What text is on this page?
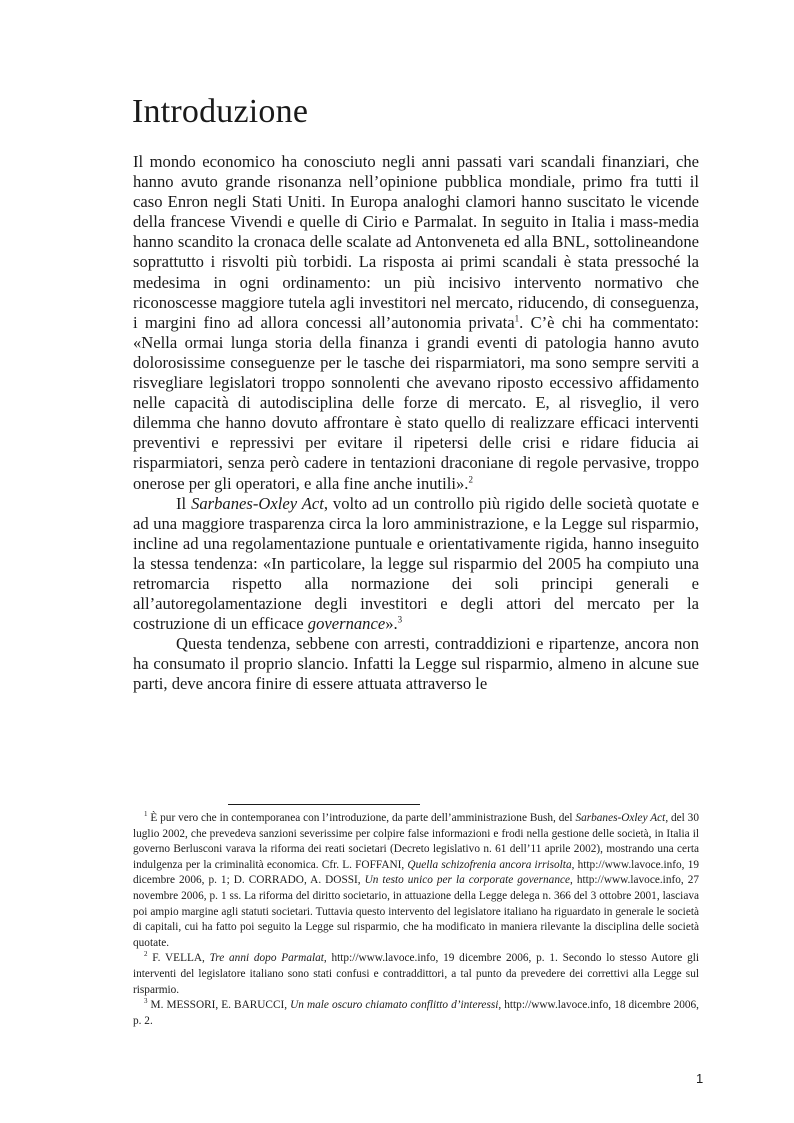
Introduzione

Il mondo economico ha conosciuto negli anni passati vari scandali finanziari, che hanno avuto grande risonanza nell’opinione pubblica mondiale, primo fra tutti il caso Enron negli Stati Uniti. In Europa analoghi clamori hanno suscitato le vicende della francese Vivendi e quelle di Cirio e Parmalat. In seguito in Italia i mass-media hanno scandito la cronaca delle scalate ad Antonveneta ed alla BNL, sottolineandone soprattutto i risvolti più torbidi. La risposta ai primi scandali è stata pressoché la medesima in ogni ordinamento: un più incisivo intervento normativo che riconoscesse maggiore tutela agli investitori nel mercato, riducendo, di conseguenza, i margini fino ad allora concessi all’autonomia privata$^1$. C’è chi ha commentato: «Nella ormai lunga storia della finanza i grandi eventi di patologia hanno avuto dolorosissime conseguenze per le tasche dei risparmiatori, ma sono sempre serviti a risvegliare legislatori troppo sonnolenti che avevano riposto eccessivo affidamento nelle capacità di autodisciplina delle forze di mercato. E, al risveglio, il vero dilemma che hanno dovuto affrontare è stato quello di realizzare efficaci interventi preventivi e repressivi per evitare il ripetersi delle crisi e ridare fiducia ai risparmiatori, senza però cadere in tentazioni draconiane di regole pervasive, troppo onerose per gli operatori, e alla fine anche inutili».$^2$

Il Sarbanes-Oxley Act, volto ad un controllo più rigido delle società quotate e ad una maggiore trasparenza circa la loro amministrazione, e la Legge sul risparmio, incline ad una regolamentazione puntuale e orientativamente rigida, hanno inseguito la stessa tendenza: «In particolare, la legge sul risparmio del 2005 ha compiuto una retromarcia rispetto alla normazione dei soli principi generali e all’autoregolamentazione degli investitori e degli attori del mercato per la costruzione di un efficace governance».$^3$

Questa tendenza, sebbene con arresti, contraddizioni e ripartenze, ancora non ha consumato il proprio slancio. Infatti la Legge sul risparmio, almeno in alcune sue parti, deve ancora finire di essere attuata attraverso le

$^1$ È pur vero che in contemporanea con l’introduzione, da parte dell’amministrazione Bush, del Sarbanes-Oxley Act, del 30 luglio 2002, che prevedeva sanzioni severissime per colpire false informazioni e frodi nella gestione delle società, in Italia il governo Berlusconi varava la riforma dei reati societari (Decreto legislativo n. 61 dell’11 aprile 2002), mostrando una certa indulgenza per la criminalità economica. Cfr. L. FOFFANI, Quella schizofrenia ancora irrisolta, http://www.lavoce.info, 19 dicembre 2006, p. 1; D. CORRADO, A. DOSSI, Un testo unico per la corporate governance, http://www.lavoce.info, 27 novembre 2006, p. 1 ss. La riforma del diritto societario, in attuazione della Legge delega n. 366 del 3 ottobre 2001, lasciava poi ampio margine agli statuti societari. Tuttavia questo intervento del legislatore italiano ha riguardato in generale le società di capitali, cui ha fatto poi seguito la Legge sul risparmio, che ha modificato in maniera rilevante la disciplina delle società quotate.

$^2$ F. VELLA, Tre anni dopo Parmalat, http://www.lavoce.info, 19 dicembre 2006, p. 1. Secondo lo stesso Autore gli interventi del legislatore italiano sono stati confusi e contraddittori, a tal punto da prevedere dei correttivi alla Legge sul risparmio.

$^3$ M. MESSORI, E. BARUCCI, Un male oscuro chiamato conflitto d’interessi, http://www.lavoce.info, 18 dicembre 2006, p. 2.

1
